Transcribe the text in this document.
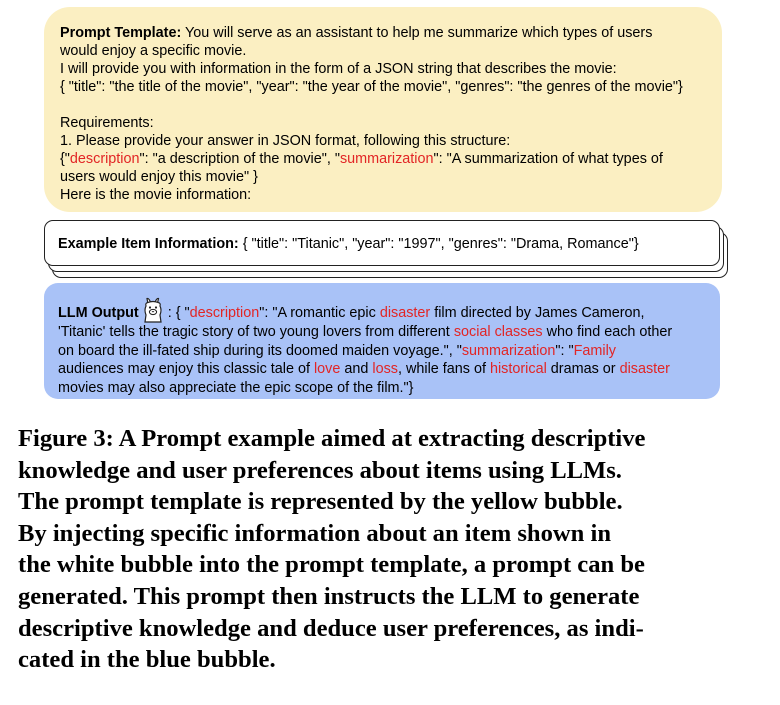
Prompt Template: You will serve as an assistant to help me summarize which types of users

would enjoy a specific movie.

I will provide you with information in the form of a JSON string that describes the movie:

{ "title": "the title of the movie", "year": "the year of the movie", "genres": "the genres of the movie"}

Requirements:

1. Please provide your answer in JSON format, following this structure:

{"description": "a description of the movie", "summarization": "A summarization of what types of

users would enjoy this movie" }

Here is the movie information:

Example Item Information: { "title": "Titanic", "year": "1997", "genres": "Drama, Romance"}

LLM Output : { "description": "A romantic epic disaster film directed by James Cameron,

'Titanic' tells the tragic story of two young lovers from different social classes who find each other

on board the ill-fated ship during its doomed maiden voyage.", "summarization": "Family

audiences may enjoy this classic tale of love and loss, while fans of historical dramas or disaster

movies may also appreciate the epic scope of the film."}

Figure 3: A Prompt example aimed at extracting descriptive

knowledge and user preferences about items using LLMs.

The prompt template is represented by the yellow bubble.

By injecting specific information about an item shown in

the white bubble into the prompt template, a prompt can be

generated. This prompt then instructs the LLM to generate

descriptive knowledge and deduce user preferences, as indi-

cated in the blue bubble.
